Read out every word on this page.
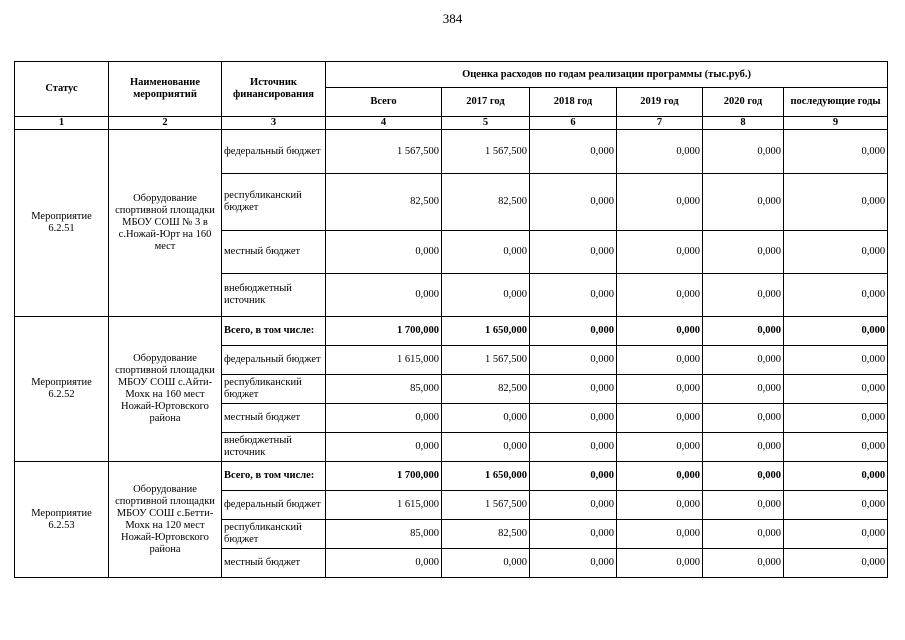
384
Статус	Наименование мероприятий	Источник финансирования	Оценка расходов по годам реализации программы (тыс.руб.)					
			Всего	2017 год	2018 год	2019 год	2020 год	последующие годы
1	2	3	4	5	6	7	8	9
Мероприятие 6.2.51	Оборудование спортивной площадки МБОУ СОШ № 3 в с.Ножай-Юрт на 160 мест	федеральный бюджет	1 567,500	1 567,500	0,000	0,000	0,000	0,000
		республиканский бюджет	82,500	82,500	0,000	0,000	0,000	0,000
		местный бюджет	0,000	0,000	0,000	0,000	0,000	0,000
		внебюджетный источник	0,000	0,000	0,000	0,000	0,000	0,000
Мероприятие 6.2.52	Оборудование спортивной площадки МБОУ СОШ с.Айти-Мохк на 160 мест Ножай-Юртовского района	Всего, в том числе:	1 700,000	1 650,000	0,000	0,000	0,000	0,000
		федеральный бюджет	1 615,000	1 567,500	0,000	0,000	0,000	0,000
		республиканский бюджет	85,000	82,500	0,000	0,000	0,000	0,000
		местный бюджет	0,000	0,000	0,000	0,000	0,000	0,000
		внебюджетный источник	0,000	0,000	0,000	0,000	0,000	0,000
Мероприятие 6.2.53	Оборудование спортивной площадки МБОУ СОШ с.Бетти-Мохк на 120 мест Ножай-Юртовского района	Всего, в том числе:	1 700,000	1 650,000	0,000	0,000	0,000	0,000
		федеральный бюджет	1 615,000	1 567,500	0,000	0,000	0,000	0,000
		республиканский бюджет	85,000	82,500	0,000	0,000	0,000	0,000
		местный бюджет	0,000	0,000	0,000	0,000	0,000	0,000
